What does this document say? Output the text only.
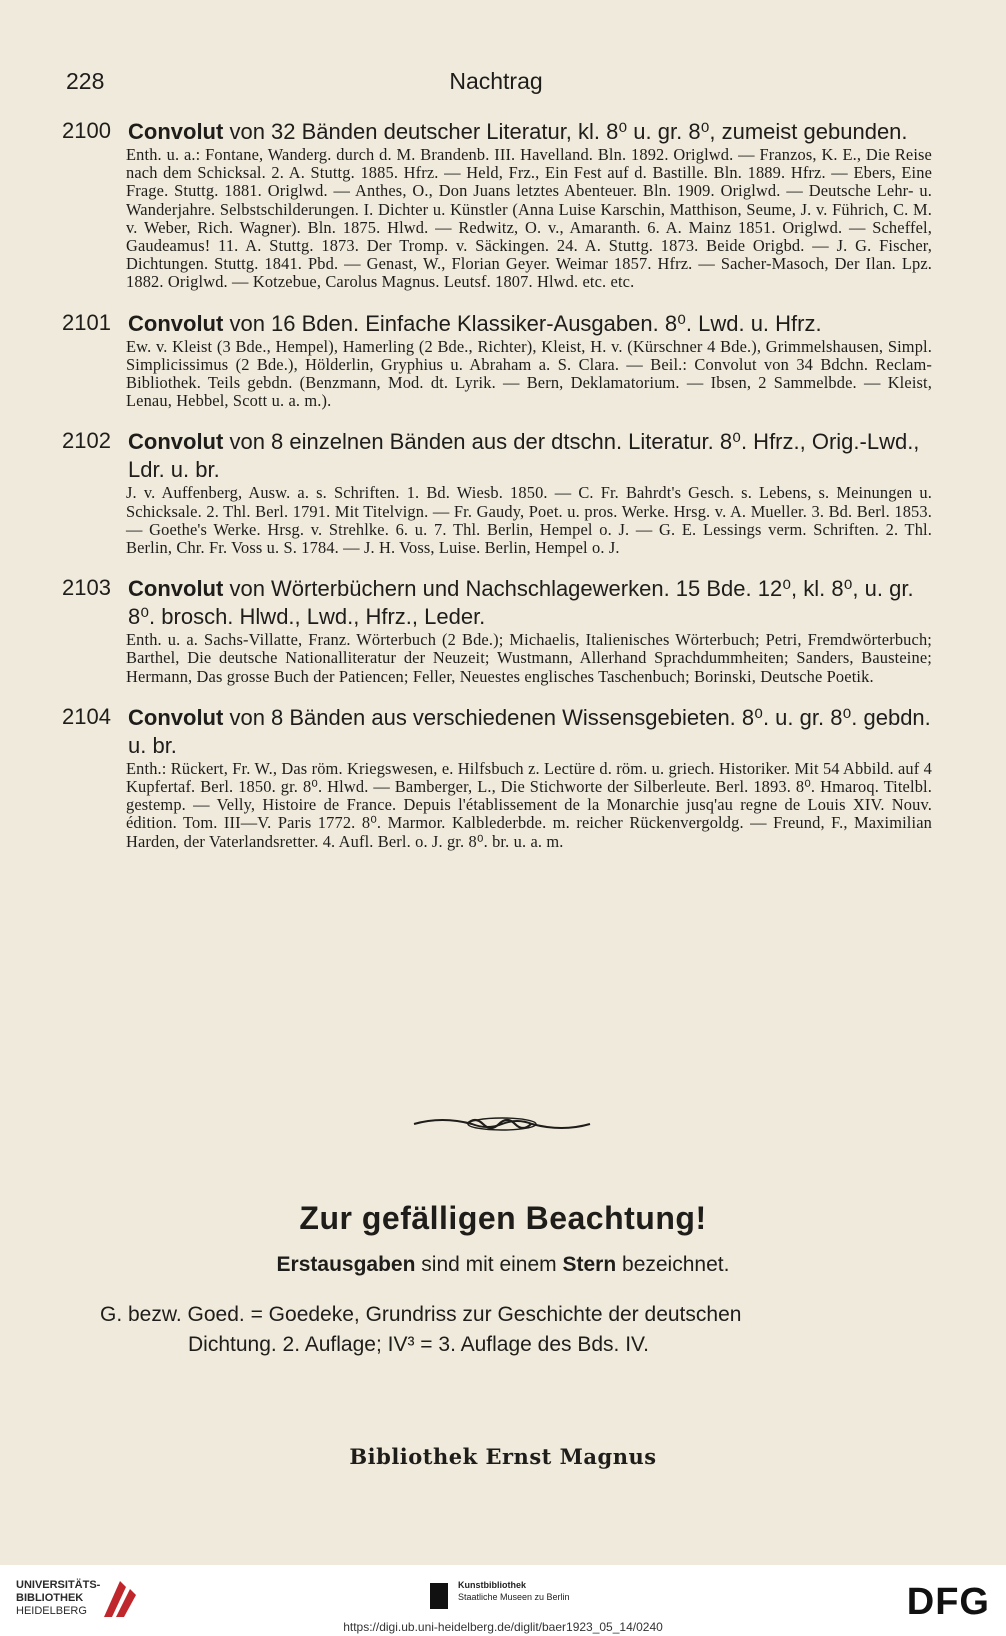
228	Nachtrag
2100 Convolut von 32 Bänden deutscher Literatur, kl. 8⁰ u. gr. 8⁰, zumeist gebunden.
Enth. u. a.: Fontane, Wanderg. durch d. M. Brandenb. III. Havelland. Bln. 1892. Origlwd. — Franzos, K. E., Die Reise nach dem Schicksal. 2. A. Stuttg. 1885. Hfrz. — Held, Frz., Ein Fest auf d. Bastille. Bln. 1889. Hfrz. — Ebers, Eine Frage. Stuttg. 1881. Origlwd. — Anthes, O., Don Juans letztes Abenteuer. Bln. 1909. Origlwd. — Deutsche Lehr- u. Wanderjahre. Selbstschilderungen. I. Dichter u. Künstler (Anna Luise Karschin, Matthison, Seume, J. v. Führich, C. M. v. Weber, Rich. Wagner). Bln. 1875. Hlwd. — Redwitz, O. v., Amaranth. 6. A. Mainz 1851. Origlwd. — Scheffel, Gaudeamus! 11. A. Stuttg. 1873. Der Tromp. v. Säckingen. 24. A. Stuttg. 1873. Beide Origbd. — J. G. Fischer, Dichtungen. Stuttg. 1841. Pbd. — Genast, W., Florian Geyer. Weimar 1857. Hfrz. — Sacher-Masoch, Der Ilan. Lpz. 1882. Origlwd. — Kotzebue, Carolus Magnus. Leutsf. 1807. Hlwd. etc. etc.
2101 Convolut von 16 Bden. Einfache Klassiker-Ausgaben. 8⁰. Lwd. u. Hfrz.
Ew. v. Kleist (3 Bde., Hempel), Hamerling (2 Bde., Richter), Kleist, H. v. (Kürschner 4 Bde.), Grimmelshausen, Simpl. Simplicissimus (2 Bde.), Hölderlin, Gryphius u. Abraham a. S. Clara. — Beil.: Convolut von 34 Bdchn. Reclam-Bibliothek. Teils gebdn. (Benzmann, Mod. dt. Lyrik. — Bern, Deklamatorium. — Ibsen, 2 Sammelbde. — Kleist, Lenau, Hebbel, Scott u. a. m.).
2102 Convolut von 8 einzelnen Bänden aus der dtschn. Literatur. 8⁰. Hfrz., Orig.-Lwd., Ldr. u. br.
J. v. Auffenberg, Ausw. a. s. Schriften. 1. Bd. Wiesb. 1850. — C. Fr. Bahrdt's Gesch. s. Lebens, s. Meinungen u. Schicksale. 2. Thl. Berl. 1791. Mit Titelvign. — Fr. Gaudy, Poet. u. pros. Werke. Hrsg. v. A. Mueller. 3. Bd. Berl. 1853. — Goethe's Werke. Hrsg. v. Strehlke. 6. u. 7. Thl. Berlin, Hempel o. J. — G. E. Lessings verm. Schriften. 2. Thl. Berlin, Chr. Fr. Voss u. S. 1784. — J. H. Voss, Luise. Berlin, Hempel o. J.
2103 Convolut von Wörterbüchern und Nachschlagewerken. 15 Bde. 12⁰, kl. 8⁰, u. gr. 8⁰. brosch. Hlwd., Lwd., Hfrz., Leder.
Enth. u. a. Sachs-Villatte, Franz. Wörterbuch (2 Bde.); Michaelis, Italienisches Wörterbuch; Petri, Fremdwörterbuch; Barthel, Die deutsche Nationalliteratur der Neuzeit; Wustmann, Allerhand Sprachdummheiten; Sanders, Bausteine; Hermann, Das grosse Buch der Patiencen; Feller, Neuestes englisches Taschenbuch; Borinski, Deutsche Poetik.
2104 Convolut von 8 Bänden aus verschiedenen Wissensgebieten. 8⁰. u. gr. 8⁰. gebdn. u. br.
Enth.: Rückert, Fr. W., Das röm. Kriegswesen, e. Hilfsbuch z. Lectüre d. röm. u. griech. Historiker. Mit 54 Abbild. auf 4 Kupfertaf. Berl. 1850. gr. 8⁰. Hlwd. — Bamberger, L., Die Stichworte der Silberleute. Berl. 1893. 8⁰. Hmaroq. Titelbl. gestemp. — Velly, Histoire de France. Depuis l'établissement de la Monarchie jusq'au regne de Louis XIV. Nouv. édition. Tom. III—V. Paris 1772. 8⁰. Marmor. Kalblederbde. m. reicher Rückenvergoldg. — Freund, F., Maximilian Harden, der Vaterlandsretter. 4. Aufl. Berl. o. J. gr. 8⁰. br. u. a. m.
Zur gefälligen Beachtung!
Erstausgaben sind mit einem Stern bezeichnet.
G. bezw. Goed. = Goedeke, Grundriss zur Geschichte der deutschen
Dichtung. 2. Auflage; IV³ = 3. Auflage des Bds. IV.
Bibliothek Ernst Magnus
UNIVERSITÄTS-
BIBLIOTHEK
HEIDELBERG
Kunstbibliothek
Staatliche Museen zu Berlin	DFG
https://digi.ub.uni-heidelberg.de/diglit/baer1923_05_14/0240
